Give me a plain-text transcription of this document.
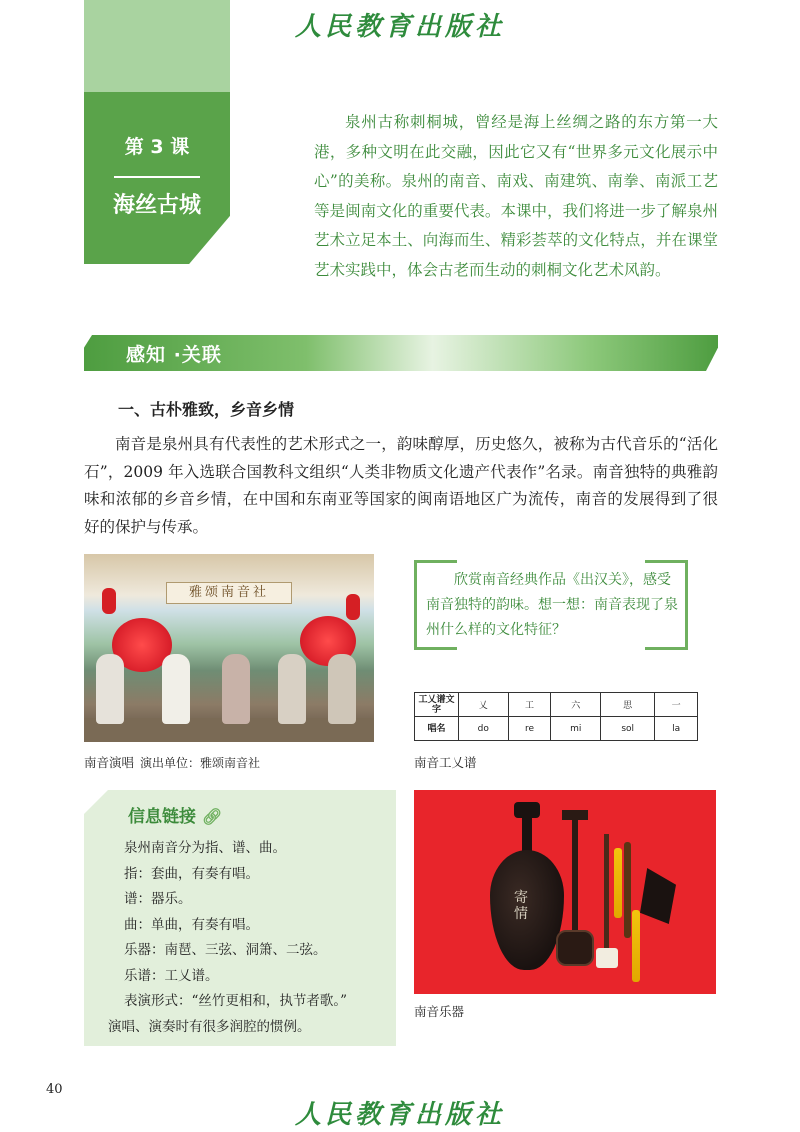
人民教育出版社
第 3 课
海丝古城

泉州古称刺桐城，曾经是海上丝绸之路的东方第一大港，多种文明在此交融，因此它又有“世界多元文化展示中心”的美称。泉州的南音、南戏、南建筑、南拳、南派工艺等是闽南文化的重要代表。本课中，我们将进一步了解泉州艺术立足本土、向海而生、精彩荟萃的文化特点，并在课堂艺术实践中，体会古老而生动的刺桐文化艺术风韵。

感知 ·关联
一、古朴雅致，乡音乡情

南音是泉州具有代表性的艺术形式之一，韵味醇厚，历史悠久，被称为古代音乐的“活化石”，2009 年入选联合国教科文组织“人类非物质文化遗产代表作”名录。南音独特的典雅韵味和浓郁的乡音乡情，在中国和东南亚等国家的闽南语地区广为流传，南音的发展得到了很好的保护与传承。

雅颂南音社
南音演唱 演出单位：雅颂南音社

欣赏南音经典作品《出汉关》，感受南音独特的韵味。想一想：南音表现了泉州什么样的文化特征？

工乂谱文字	乂	工	六	思	一
唱名	do	re	mi	sol	la
南音工乂谱
信息链接 🔗︎
泉州南音分为指、谱、曲。
指：套曲，有奏有唱。
谱：器乐。
曲：单曲，有奏有唱。
乐器：南琶、三弦、洞箫、二弦。
乐谱：工乂谱。
表演形式：“丝竹更相和，执节者歌。”
演唱、演奏时有很多润腔的惯例。
寄情
南音乐器
40
人民教育出版社
